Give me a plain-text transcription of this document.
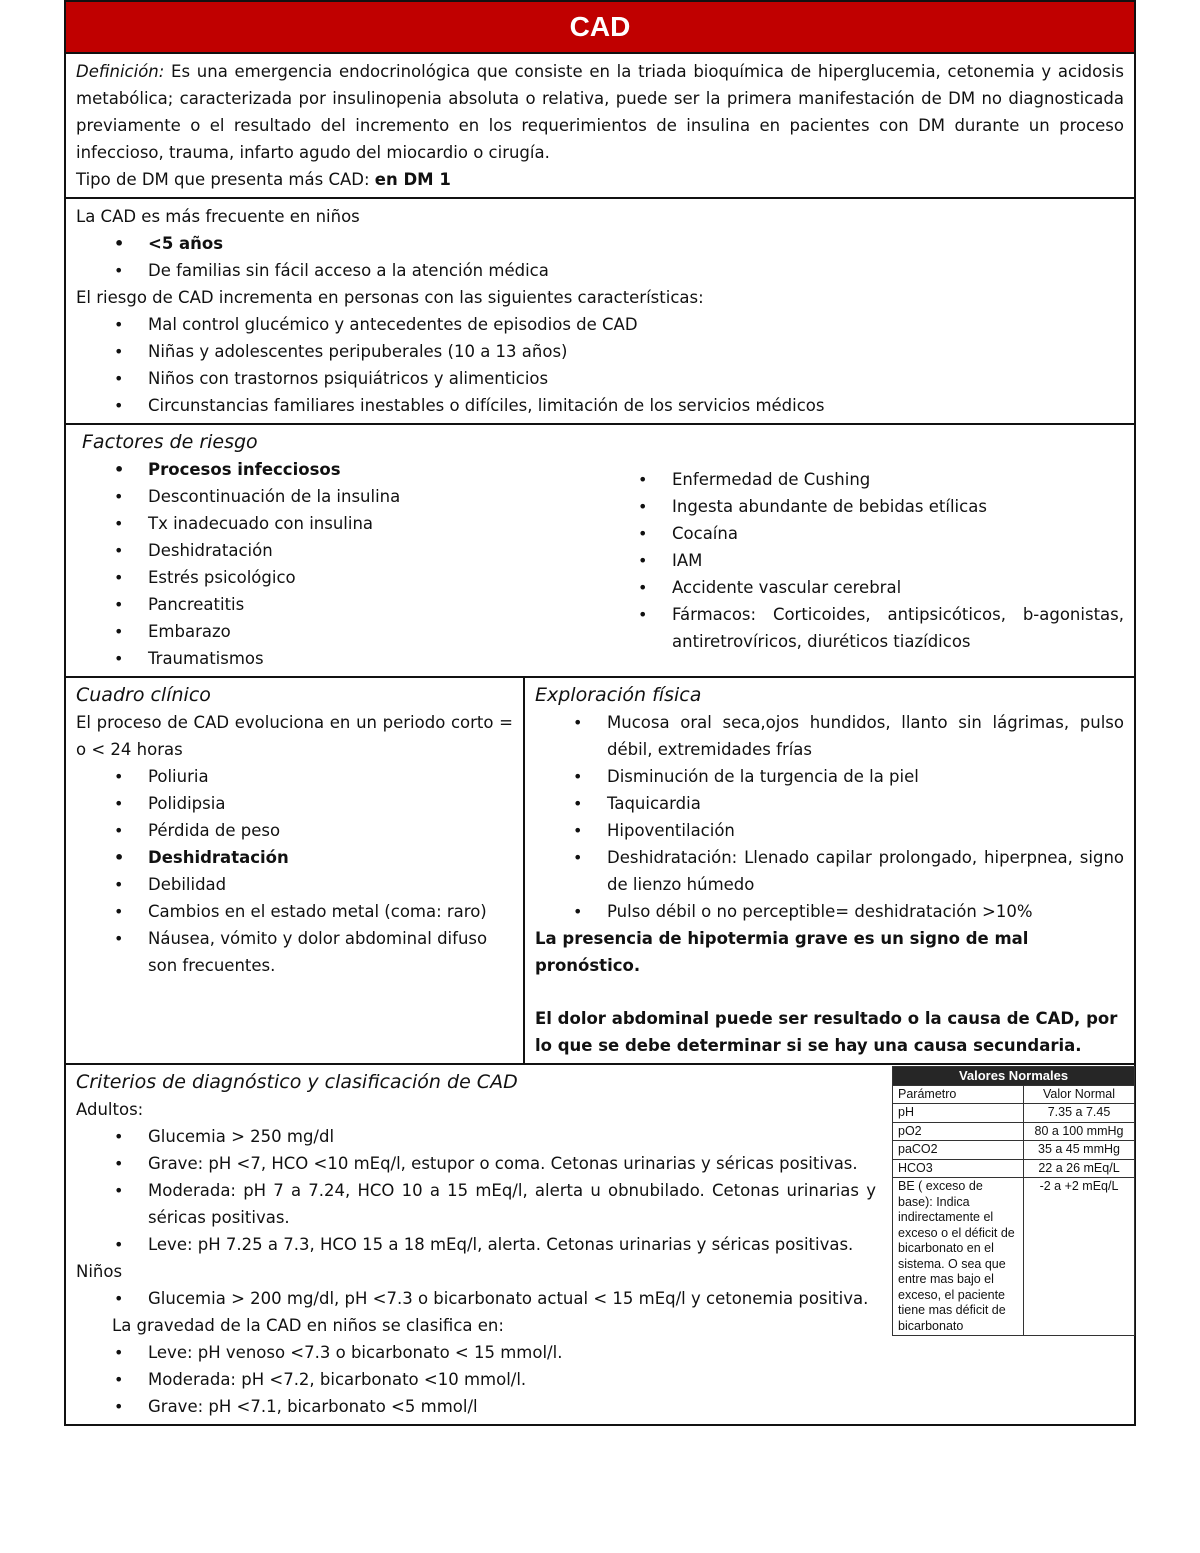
CAD
Definición: Es una emergencia endocrinológica que consiste en la triada bioquímica de hiperglucemia, cetonemia y acidosis metabólica; caracterizada por insulinopenia absoluta o relativa, puede ser la primera manifestación de DM no diagnosticada previamente o el resultado del incremento en los requerimientos de insulina en pacientes con DM durante un proceso infeccioso, trauma, infarto agudo del miocardio o cirugía.
Tipo de DM que presenta más CAD: en DM 1
La CAD es más frecuente en niños
• <5 años
• De familias sin fácil acceso a la atención médica
El riesgo de CAD incrementa en personas con las siguientes características:
• Mal control glucémico y antecedentes de episodios de CAD
• Niñas y adolescentes peripuberales (10 a 13 años)
• Niños con trastornos psiquiátricos y alimenticios
• Circunstancias familiares inestables o difíciles, limitación de los servicios médicos
Factores de riesgo
• Procesos infecciosos
• Descontinuación de la insulina
• Tx inadecuado con insulina
• Deshidratación
• Estrés psicológico
• Pancreatitis
• Embarazo
• Traumatismos
• Enfermedad de Cushing
• Ingesta abundante de bebidas etílicas
• Cocaína
• IAM
• Accidente vascular cerebral
• Fármacos: Corticoides, antipsicóticos, b-agonistas, antiretrovíricos, diuréticos tiazídicos
Cuadro clínico
El proceso de CAD evoluciona en un periodo corto = o < 24 horas
• Poliuria
• Polidipsia
• Pérdida de peso
• Deshidratación
• Debilidad
• Cambios en el estado metal (coma: raro)
• Náusea, vómito y dolor abdominal difuso son frecuentes.
Exploración física
• Mucosa oral seca,ojos hundidos, llanto sin lágrimas, pulso débil, extremidades frías
• Disminución de la turgencia de la piel
• Taquicardia
• Hipoventilación
• Deshidratación: Llenado capilar prolongado, hiperpnea, signo de lienzo húmedo
• Pulso débil o no perceptible= deshidratación >10%
La presencia de hipotermia grave es un signo de mal pronóstico.
El dolor abdominal puede ser resultado o la causa de CAD, por lo que se debe determinar si se hay una causa secundaria.
Criterios de diagnóstico y clasificación de CAD
Adultos:
• Glucemia > 250 mg/dl
• Grave: pH <7, HCO <10 mEq/l, estupor o coma. Cetonas urinarias y séricas positivas.
• Moderada: pH 7 a 7.24, HCO 10 a 15 mEq/l, alerta u obnubilado. Cetonas urinarias y séricas positivas.
• Leve: pH 7.25 a 7.3, HCO 15 a 18 mEq/l, alerta. Cetonas urinarias y séricas positivas.
Niños
• Glucemia > 200 mg/dl, pH <7.3 o bicarbonato actual < 15 mEq/l y cetonemia positiva.
La gravedad de la CAD en niños se clasifica en:
• Leve: pH venoso <7.3 o bicarbonato < 15 mmol/l.
• Moderada: pH <7.2, bicarbonato <10 mmol/l.
• Grave: pH <7.1, bicarbonato <5 mmol/l
Valores Normales	
Parámetro	Valor Normal
pH	7.35 a 7.45
pO2	80 a 100 mmHg
paCO2	35 a 45 mmHg
HCO3	22 a 26 mEq/L
BE ( exceso de base): Indica indirectamente el exceso o el déficit de bicarbonato en el sistema. O sea que entre mas bajo el exceso, el paciente tiene mas déficit de bicarbonato	-2 a +2 mEq/L
